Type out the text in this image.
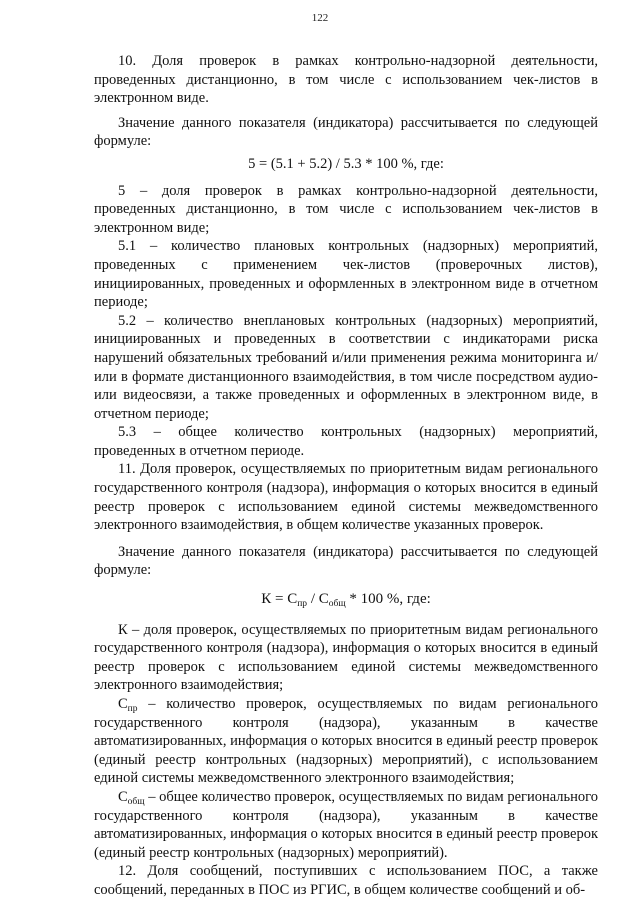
122

10. Доля проверок в рамках контрольно-надзорной деятельности, проведенных дистанционно, в том числе с использованием чек-листов в электронном виде.

Значение данного показателя (индикатора) рассчитывается по следующей формуле:

5 = (5.1 + 5.2) / 5.3 * 100 %, где:

5 – доля проверок в рамках контрольно-надзорной деятельности, проведенных дистанционно, в том числе с использованием чек-листов в электронном виде;

5.1 – количество плановых контрольных (надзорных) мероприятий, проведенных с применением чек-листов (проверочных листов), инициированных, проведенных и оформленных в электронном виде в отчетном периоде;

5.2 – количество внеплановых контрольных (надзорных) мероприятий, инициированных и проведенных в соответствии с индикаторами риска нарушений обязательных требований и/или применения режима мониторинга и/или в формате дистанционного взаимодействия, в том числе посредством аудио- или видеосвязи, а также проведенных и оформленных в электронном виде, в отчетном периоде;

5.3 – общее количество контрольных (надзорных) мероприятий, проведенных в отчетном периоде.

11. Доля проверок, осуществляемых по приоритетным видам регионального государственного контроля (надзора), информация о которых вносится в единый реестр проверок с использованием единой системы межведомственного электронного взаимодействия, в общем количестве указанных проверок.

Значение данного показателя (индикатора) рассчитывается по следующей формуле:

$К = С_{пр} / С_{общ} * 100$ %, где:

К – доля проверок, осуществляемых по приоритетным видам регионального государственного контроля (надзора), информация о которых вносится в единый реестр проверок с использованием единой системы межведомственного электронного взаимодействия;

$С_{пр}$ – количество проверок, осуществляемых по видам регионального государственного контроля (надзора), указанным в качестве автоматизированных, информация о которых вносится в единый реестр проверок (единый реестр контрольных (надзорных) мероприятий), с использованием единой системы межведомственного электронного взаимодействия;

$С_{общ}$ – общее количество проверок, осуществляемых по видам регионального государственного контроля (надзора), указанным в качестве автоматизированных, информация о которых вносится в единый реестр проверок (единый реестр контрольных (надзорных) мероприятий).

12. Доля сообщений, поступивших с использованием ПОС, а также сообщений, переданных в ПОС из РГИС, в общем количестве сообщений и об-
